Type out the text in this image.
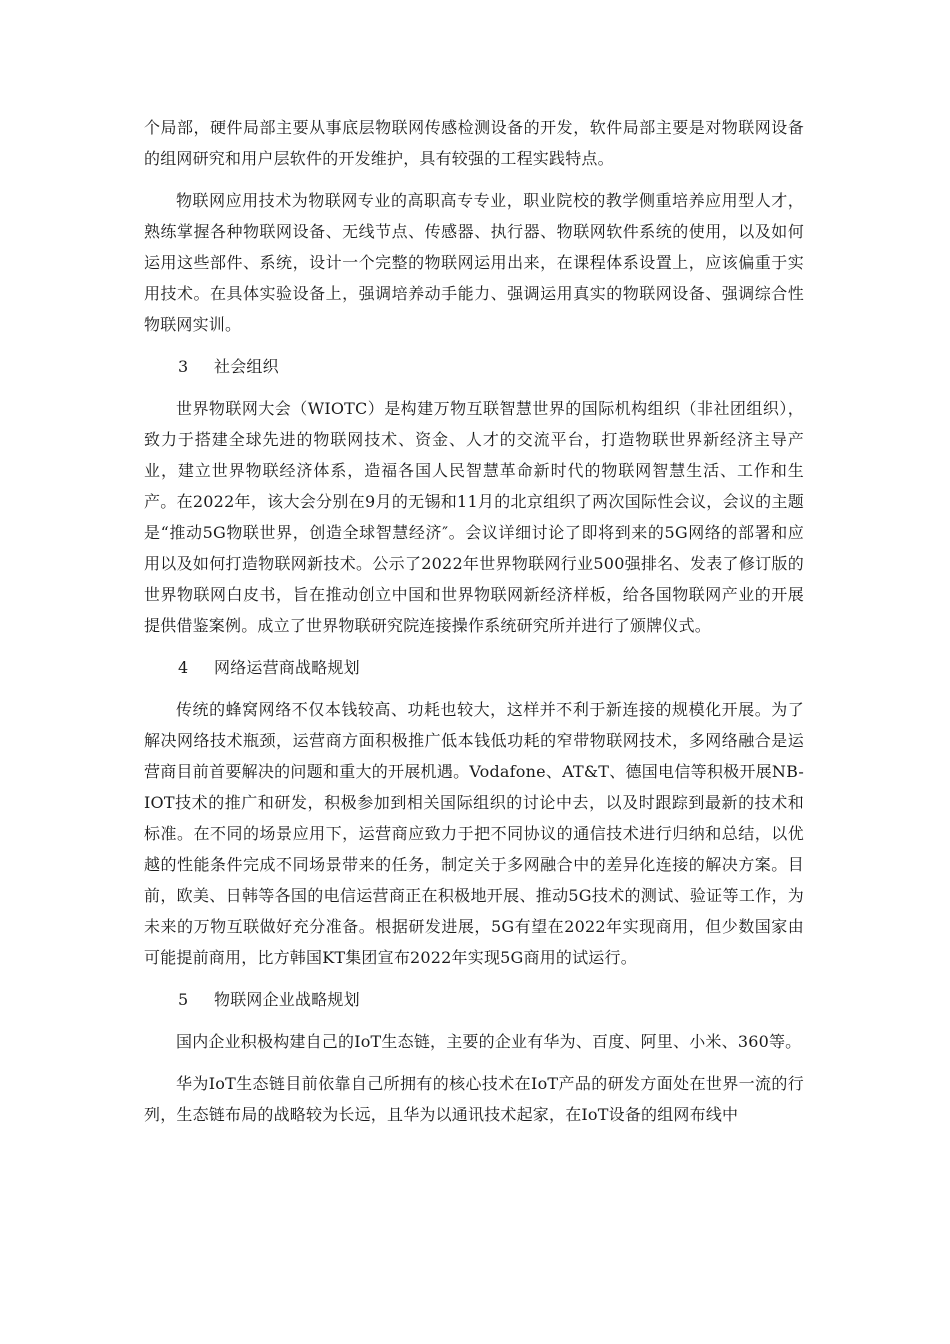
个局部，硬件局部主要从事底层物联网传感检测设备的开发，软件局部主要是对物联网设备的组网研究和用户层软件的开发维护，具有较强的工程实践特点。

物联网应用技术为物联网专业的高职高专专业，职业院校的教学侧重培养应用型人才，熟练掌握各种物联网设备、无线节点、传感器、执行器、物联网软件系统的使用，以及如何运用这些部件、系统，设计一个完整的物联网运用出来，在课程体系设置上，应该偏重于实用技术。在具体实验设备上，强调培养动手能力、强调运用真实的物联网设备、强调综合性物联网实训。

3 社会组织

世界物联网大会（WIOTC）是构建万物互联智慧世界的国际机构组织（非社团组织），致力于搭建全球先进的物联网技术、资金、人才的交流平台，打造物联世界新经济主导产业，建立世界物联经济体系，造福各国人民智慧革命新时代的物联网智慧生活、工作和生产。在2022年，该大会分别在9月的无锡和11月的北京组织了两次国际性会议，会议的主题是“推动5G物联世界，创造全球智慧经济″。会议详细讨论了即将到来的5G网络的部署和应用以及如何打造物联网新技术。公示了2022年世界物联网行业500强排名、发表了修订版的世界物联网白皮书，旨在推动创立中国和世界物联网新经济样板，给各国物联网产业的开展提供借鉴案例。成立了世界物联研究院连接操作系统研究所并进行了颁牌仪式。

4 网络运营商战略规划

传统的蜂窝网络不仅本钱较高、功耗也较大，这样并不利于新连接的规模化开展。为了解决网络技术瓶颈，运营商方面积极推广低本钱低功耗的窄带物联网技术，多网络融合是运营商目前首要解决的问题和重大的开展机遇。Vodafone、AT&T、德国电信等积极开展NB-IOT技术的推广和研发，积极参加到相关国际组织的讨论中去，以及时跟踪到最新的技术和标准。在不同的场景应用下，运营商应致力于把不同协议的通信技术进行归纳和总结，以优越的性能条件完成不同场景带来的任务，制定关于多网融合中的差异化连接的解决方案。目前，欧美、日韩等各国的电信运营商正在积极地开展、推动5G技术的测试、验证等工作，为未来的万物互联做好充分准备。根据研发进展，5G有望在2022年实现商用，但少数国家由可能提前商用，比方韩国KT集团宣布2022年实现5G商用的试运行。

5 物联网企业战略规划

国内企业积极构建自己的IoT生态链，主要的企业有华为、百度、阿里、小米、360等。

华为IoT生态链目前依靠自己所拥有的核心技术在IoT产品的研发方面处在世界一流的行列，生态链布局的战略较为长远，且华为以通讯技术起家，在IoT设备的组网布线中
